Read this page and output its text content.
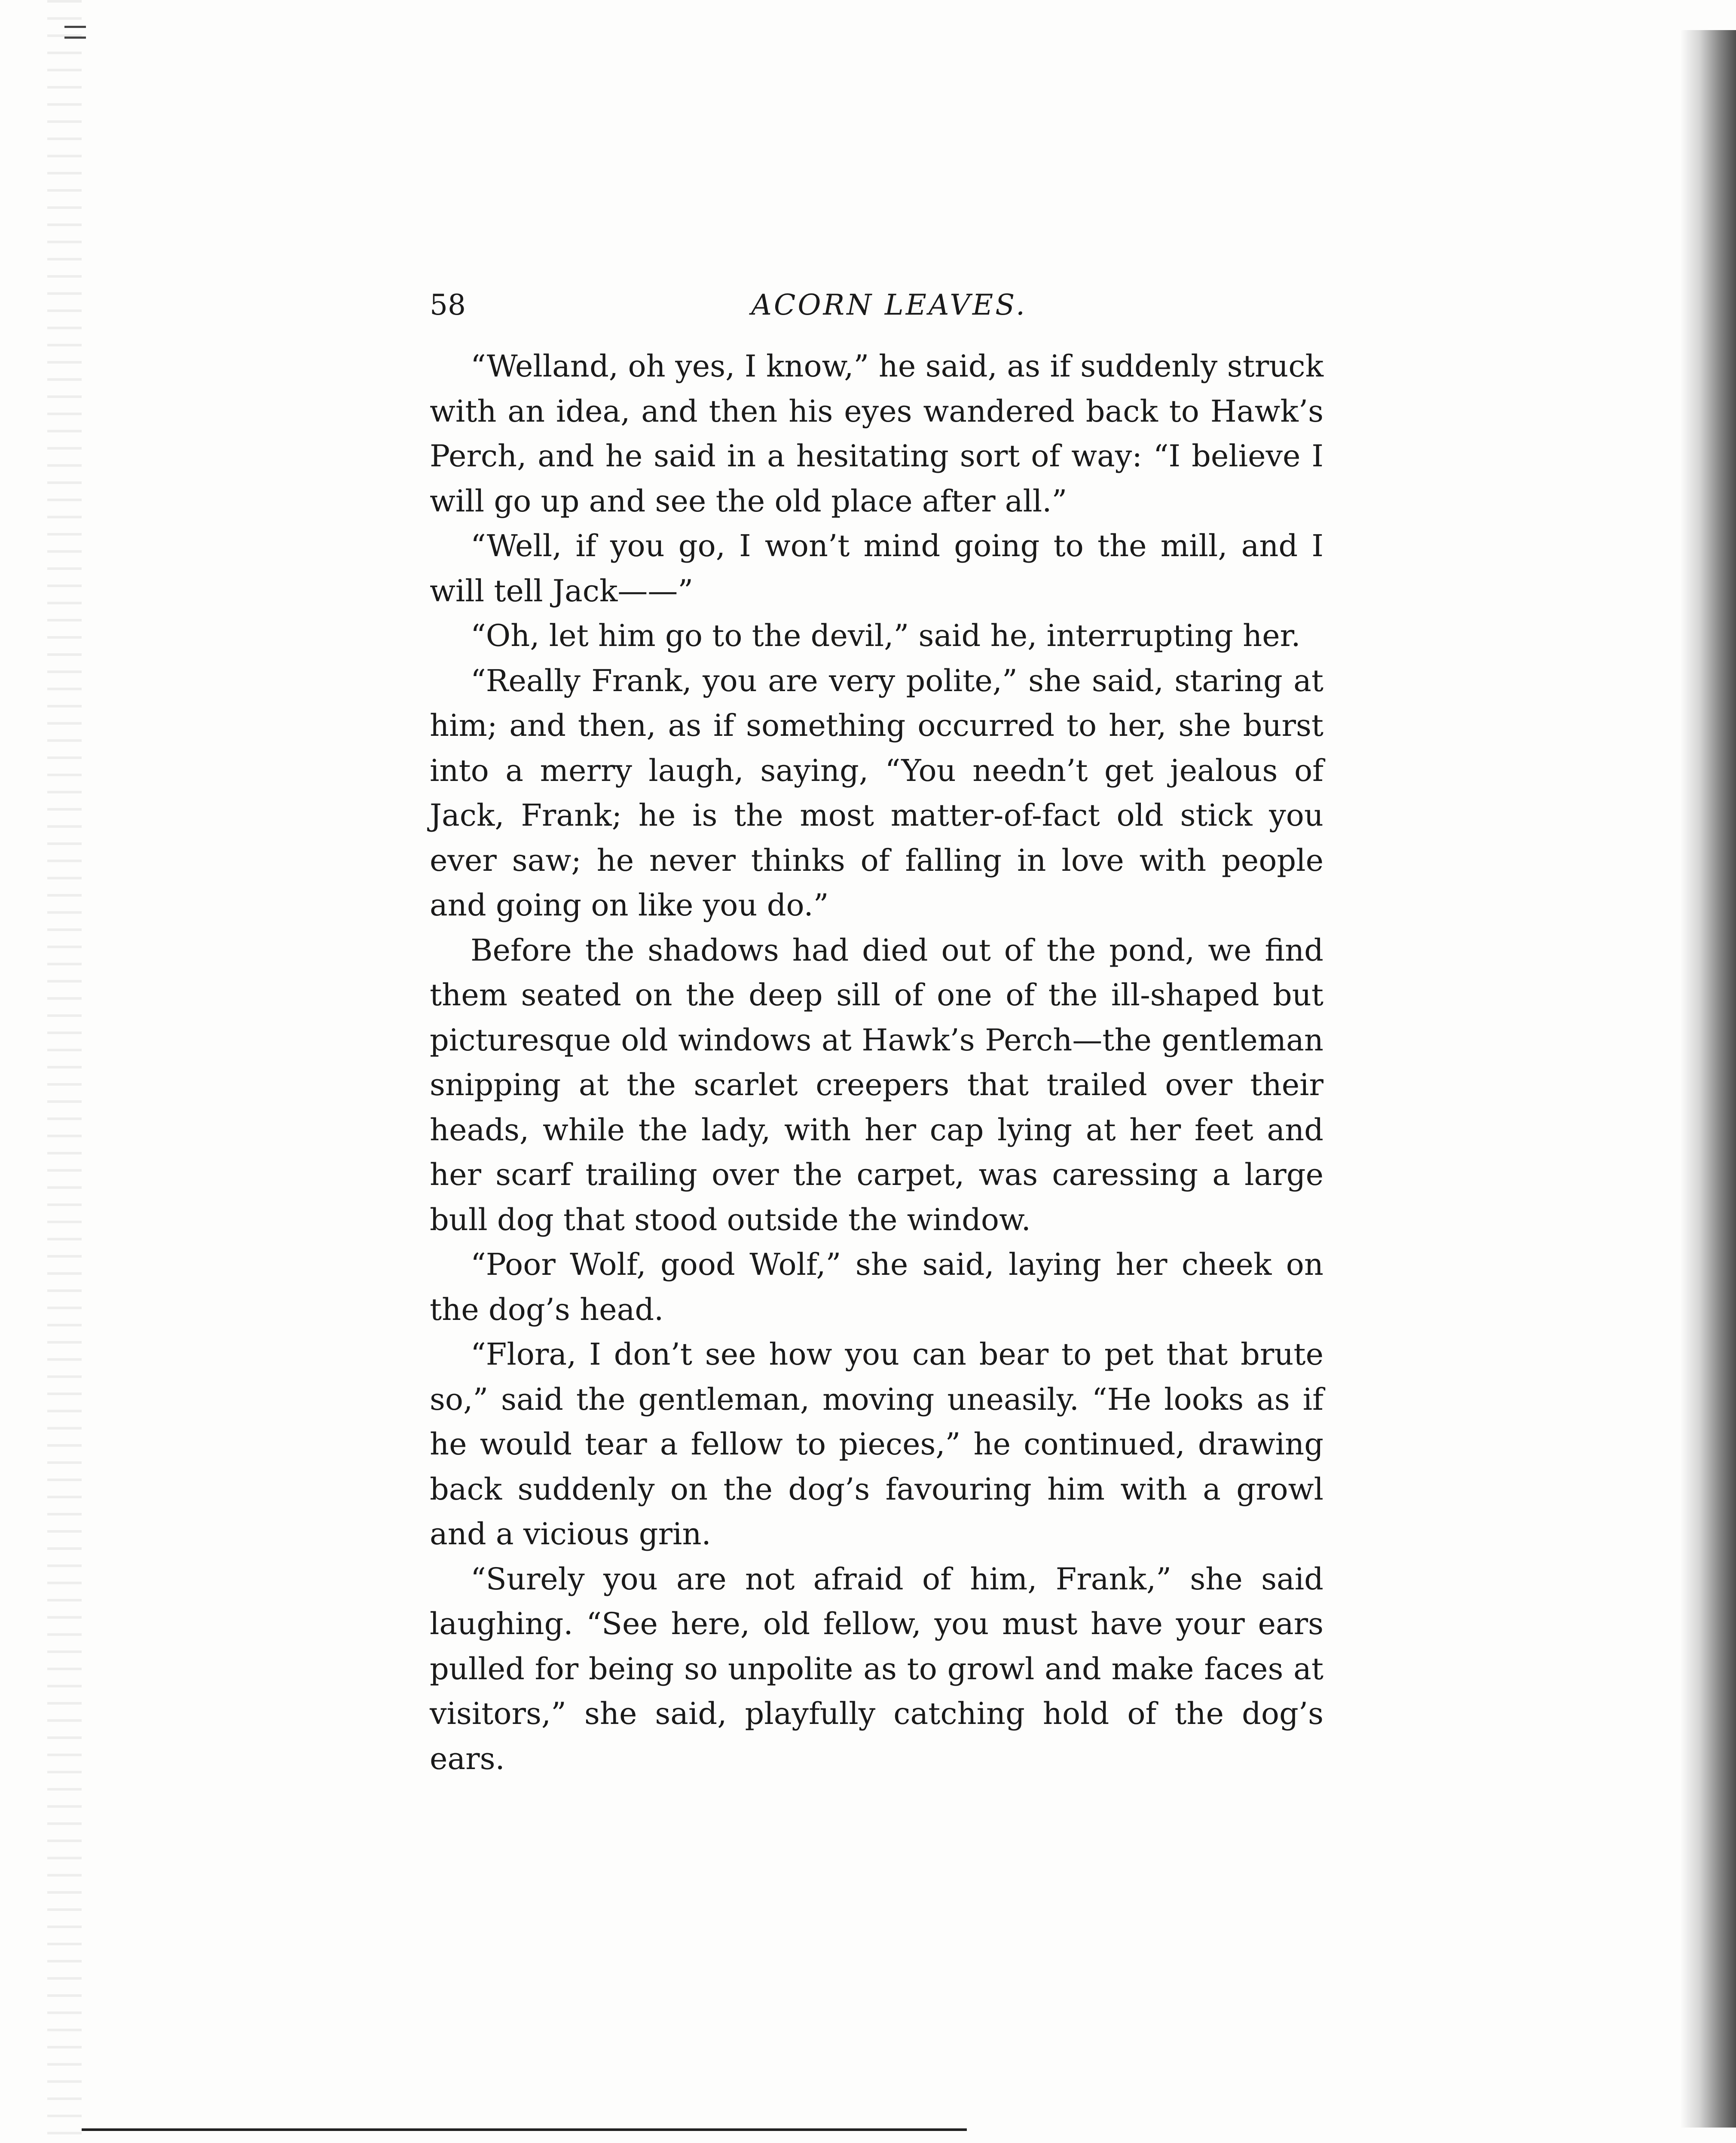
58	ACORN LEAVES.

“Welland, oh yes, I know,” he said, as if suddenly struck with an idea, and then his eyes wandered back to Hawk’s Perch, and he said in a hesitating sort of way: “I believe I will go up and see the old place after all.”

“Well, if you go, I won’t mind going to the mill, and I will tell Jack——”

“Oh, let him go to the devil,” said he, interrupting her.

“Really Frank, you are very polite,” she said, staring at him; and then, as if something occurred to her, she burst into a merry laugh, saying, “You needn’t get jealous of Jack, Frank; he is the most matter-of-fact old stick you ever saw; he never thinks of falling in love with people and going on like you do.”

Before the shadows had died out of the pond, we find them seated on the deep sill of one of the ill-shaped but picturesque old windows at Hawk’s Perch—the gentleman snipping at the scarlet creepers that trailed over their heads, while the lady, with her cap lying at her feet and her scarf trailing over the carpet, was caressing a large bull dog that stood outside the window.

“Poor Wolf, good Wolf,” she said, laying her cheek on the dog’s head.

“Flora, I don’t see how you can bear to pet that brute so,” said the gentleman, moving uneasily. “He looks as if he would tear a fellow to pieces,” he continued, drawing back suddenly on the dog’s favouring him with a growl and a vicious grin.

“Surely you are not afraid of him, Frank,” she said laughing. “See here, old fellow, you must have your ears pulled for being so unpolite as to growl and make faces at visitors,” she said, playfully catching hold of the dog’s ears.
